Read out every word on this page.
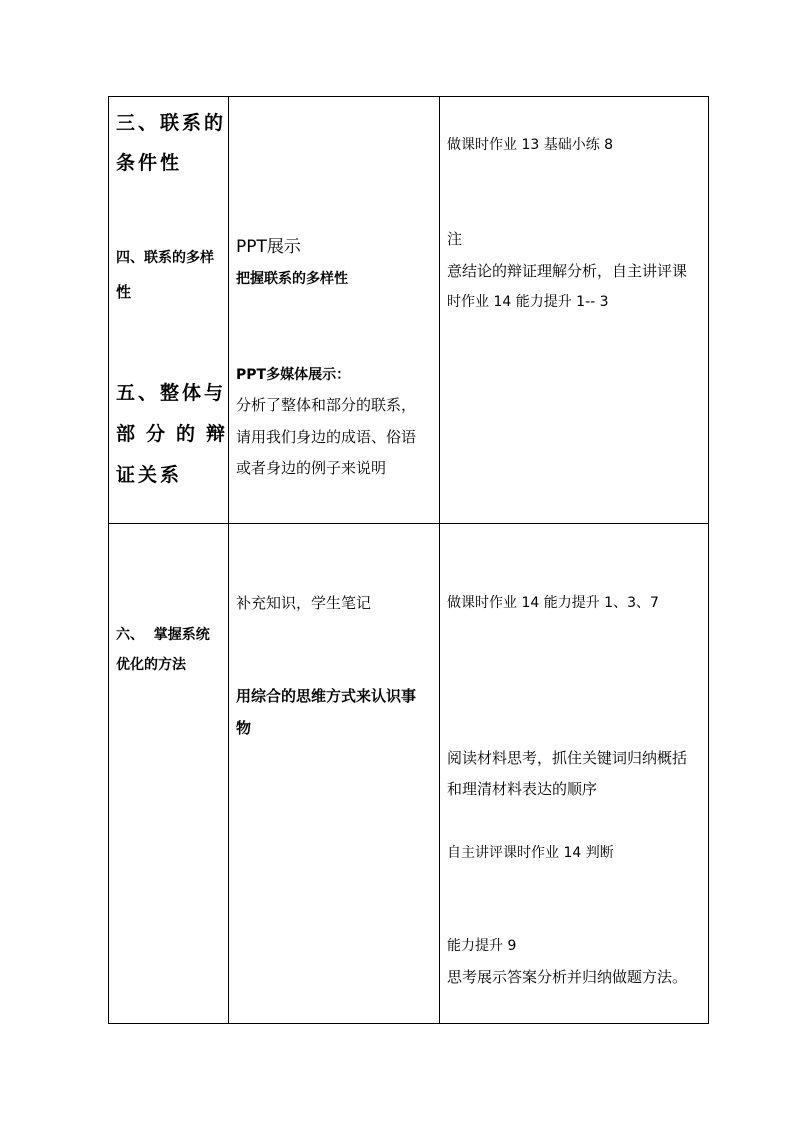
三、联系的
条件性
四、联系的多样
性
五、整体与
部分的辩
证关系
PPT展示
把握联系的多样性
PPT多媒体展示：
分析了整体和部分的联系，
请用我们身边的成语、俗语
或者身边的例子来说明
做课时作业 13 基础小练 8
注
意结论的辩证理解分析，自主讲评课
时作业 14 能力提升 1-- 3
六、  掌握系统
优化的方法
补充知识，学生笔记
用综合的思维方式来认识事
物
做课时作业 14 能力提升 1、3、7
阅读材料思考，抓住关键词归纳概括
和理清材料表达的顺序
自主讲评课时作业 14 判断
能力提升 9
思考展示答案分析并归纳做题方法。
